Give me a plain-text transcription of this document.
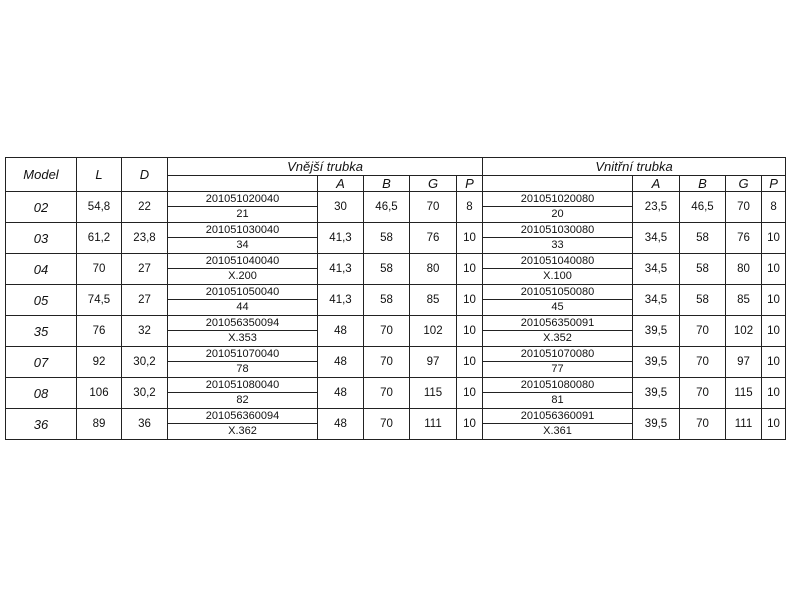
Model	L	D	Vnější trubka					Vnitřní trubka				
				A	B	G	P		A	B	G	P
02	54,8	22	201051020040	30	46,5	70	8	201051020080	23,5	46,5	70	8
			21					20				
03	61,2	23,8	201051030040	41,3	58	76	10	201051030080	34,5	58	76	10
			34					33				
04	70	27	201051040040	41,3	58	80	10	201051040080	34,5	58	80	10
			X.200					X.100				
05	74,5	27	201051050040	41,3	58	85	10	201051050080	34,5	58	85	10
			44					45				
35	76	32	201056350094	48	70	102	10	201056350091	39,5	70	102	10
			X.353					X.352				
07	92	30,2	201051070040	48	70	97	10	201051070080	39,5	70	97	10
			78					77				
08	106	30,2	201051080040	48	70	115	10	201051080080	39,5	70	115	10
			82					81				
36	89	36	201056360094	48	70	111	10	201056360091	39,5	70	111	10
			X.362					X.361				
